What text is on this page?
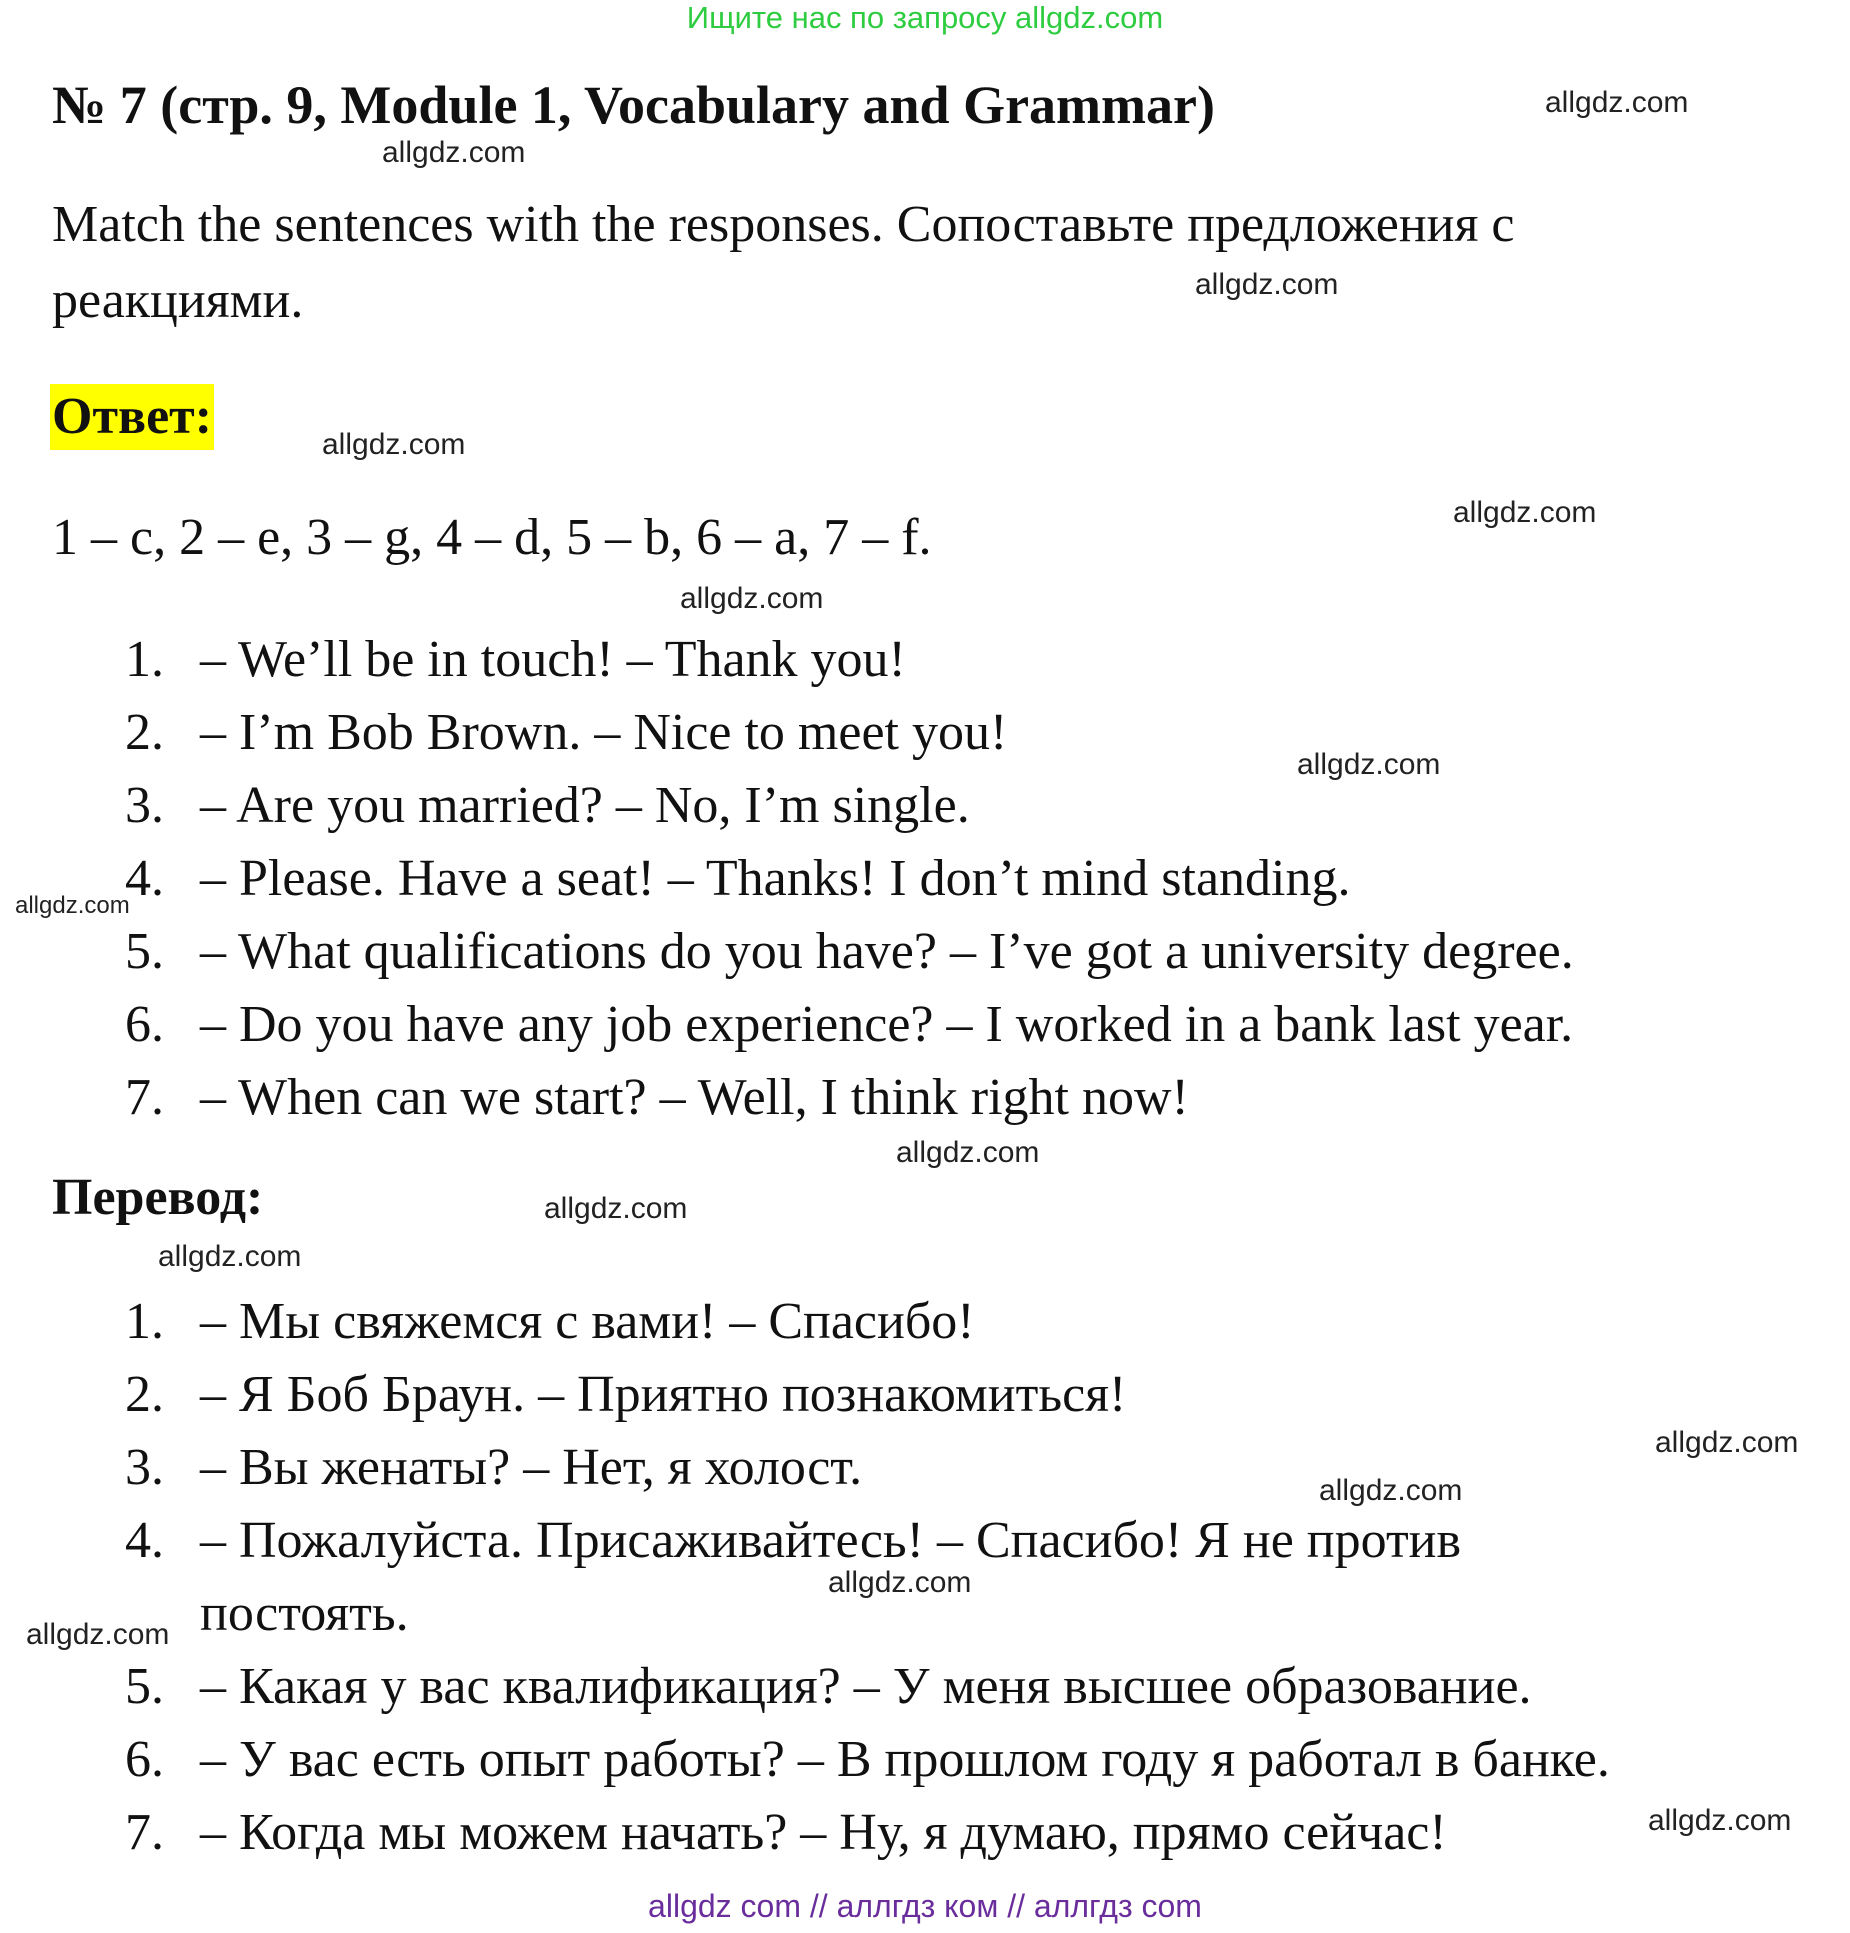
Ищите нас по запросу allgdz.com
№ 7 (стр. 9, Module 1, Vocabulary and Grammar)

Match the sentences with the responses. Сопоставьте предложения с

реакциями.

Ответ:
1 – c, 2 – e, 3 – g, 4 – d, 5 – b, 6 – a, 7 – f.
1. – We’ll be in touch! – Thank you!
2. – I’m Bob Brown. – Nice to meet you!
3. – Are you married? – No, I’m single.
4. – Please. Have a seat! – Thanks! I don’t mind standing.
5. – What qualifications do you have? – I’ve got a university degree.
6. – Do you have any job experience? – I worked in a bank last year.
7. – When can we start? – Well, I think right now!
Перевод:
1. – Мы свяжемся с вами! – Спасибо!
2. – Я Боб Браун. – Приятно познакомиться!
3. – Вы женаты? – Нет, я холост.
4. – Пожалуйста. Присаживайтесь! – Спасибо! Я не против
постоять.
5. – Какая у вас квалификация? – У меня высшее образование.
6. – У вас есть опыт работы? – В прошлом году я работал в банке.
7. – Когда мы можем начать? – Ну, я думаю, прямо сейчас!
allgdz.com
allgdz.com
allgdz.com
allgdz.com
allgdz.com
allgdz.com
allgdz.com
allgdz.com
allgdz.com
allgdz.com
allgdz.com
allgdz.com
allgdz.com
allgdz.com
allgdz.com
allgdz.com
allgdz com // аллгдз ком // аллгдз com
